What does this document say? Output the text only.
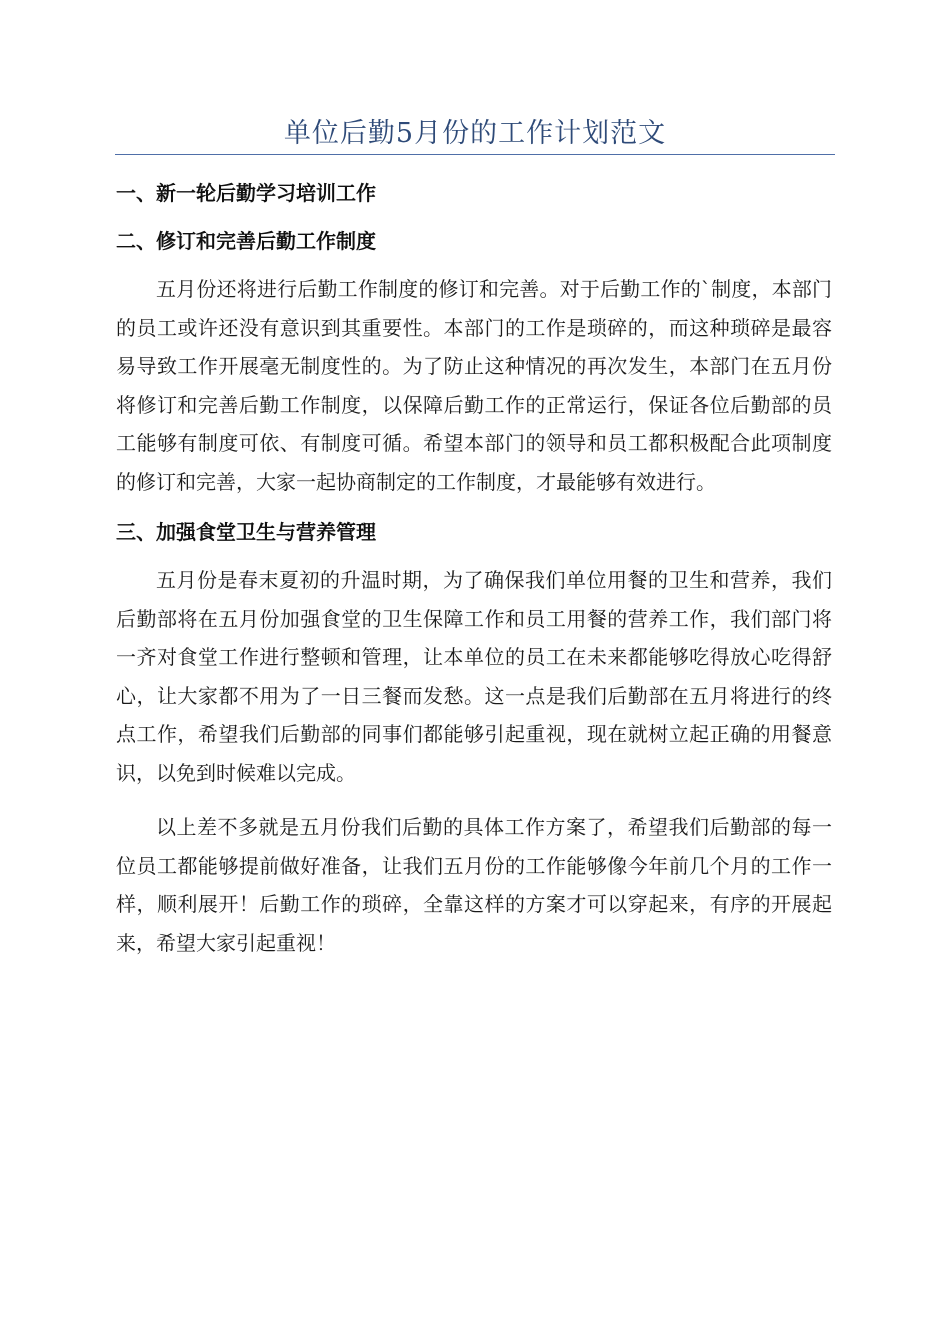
单位后勤5月份的工作计划范文

一、新一轮后勤学习培训工作

二、修订和完善后勤工作制度

五月份还将进行后勤工作制度的修订和完善。对于后勤工作的`制度，本部门的员工或许还没有意识到其重要性。本部门的工作是琐碎的，而这种琐碎是最容易导致工作开展毫无制度性的。为了防止这种情况的再次发生，本部门在五月份将修订和完善后勤工作制度，以保障后勤工作的正常运行，保证各位后勤部的员工能够有制度可依、有制度可循。希望本部门的领导和员工都积极配合此项制度的修订和完善，大家一起协商制定的工作制度，才最能够有效进行。

三、加强食堂卫生与营养管理

五月份是春末夏初的升温时期，为了确保我们单位用餐的卫生和营养，我们后勤部将在五月份加强食堂的卫生保障工作和员工用餐的营养工作，我们部门将一齐对食堂工作进行整顿和管理，让本单位的员工在未来都能够吃得放心吃得舒心，让大家都不用为了一日三餐而发愁。这一点是我们后勤部在五月将进行的终点工作，希望我们后勤部的同事们都能够引起重视，现在就树立起正确的用餐意识，以免到时候难以完成。

以上差不多就是五月份我们后勤的具体工作方案了，希望我们后勤部的每一位员工都能够提前做好准备，让我们五月份的工作能够像今年前几个月的工作一样，顺利展开！后勤工作的琐碎，全靠这样的方案才可以穿起来，有序的开展起来，希望大家引起重视！
